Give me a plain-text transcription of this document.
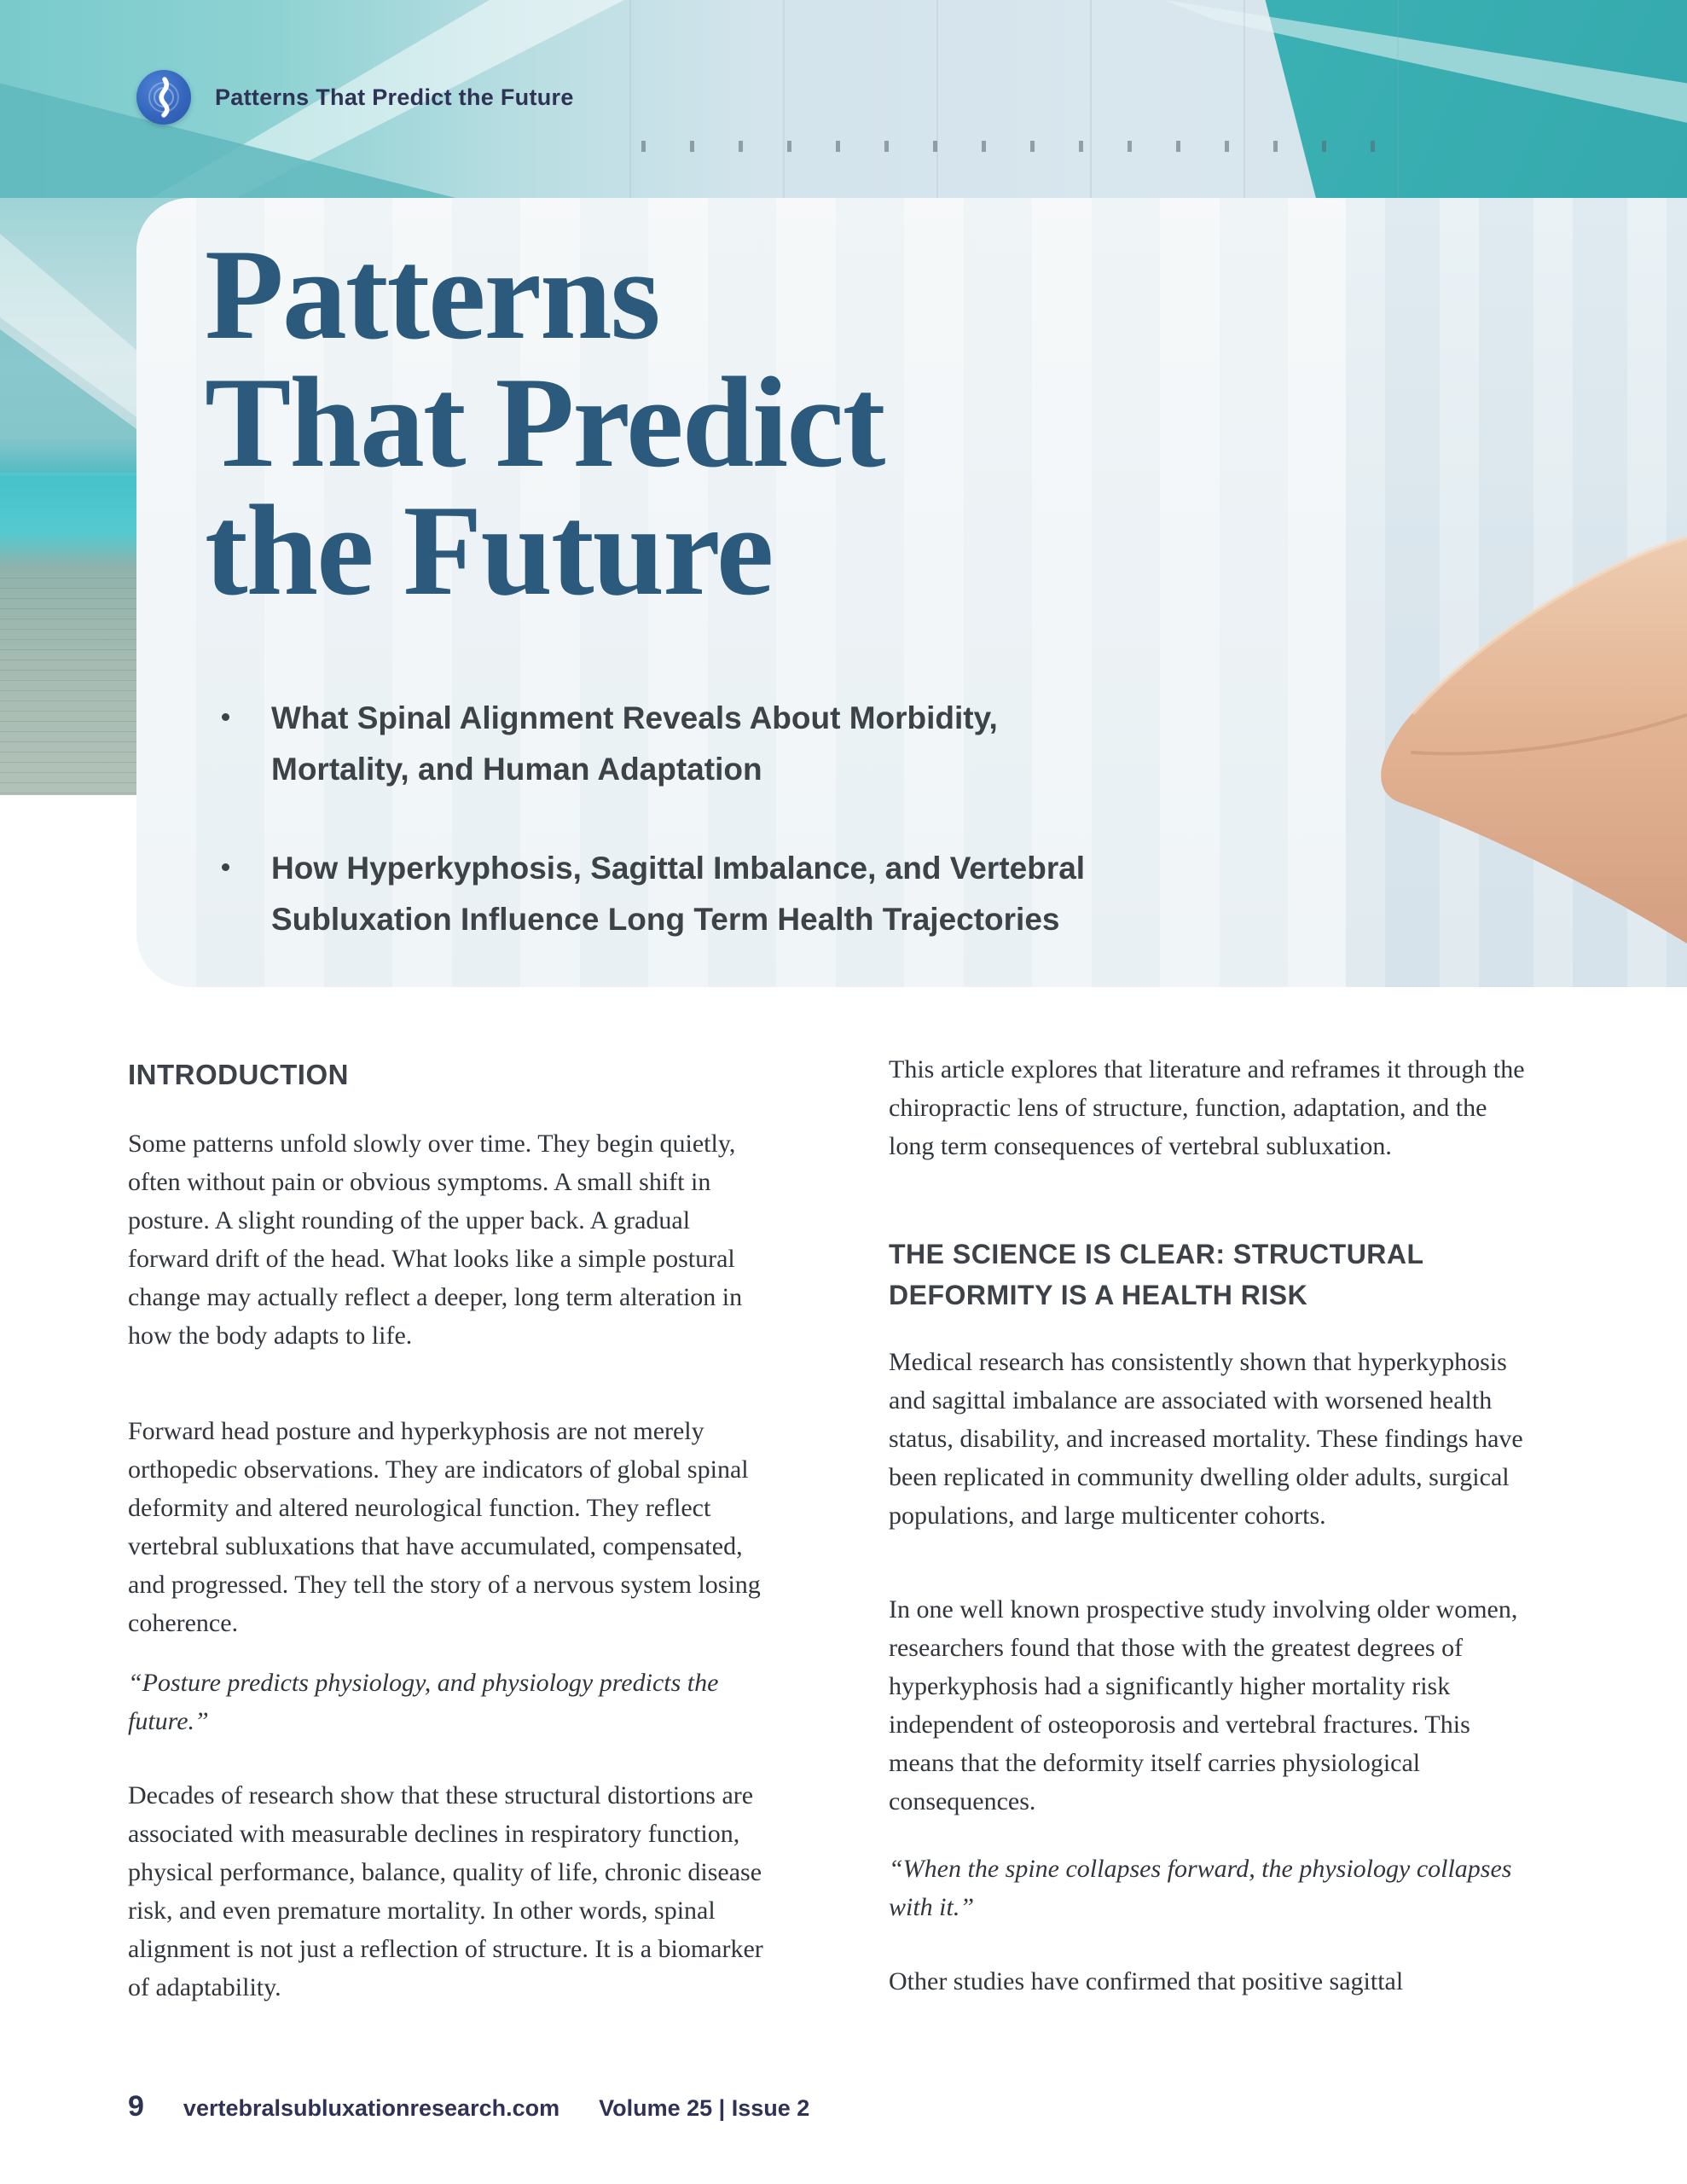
Patterns That Predict the Future
Patterns
That Predict
the Future
What Spinal Alignment Reveals About Morbidity,
Mortality, and Human Adaptation
How Hyperkyphosis, Sagittal Imbalance, and Vertebral
Subluxation Influence Long Term Health Trajectories
INTRODUCTION
Some patterns unfold slowly over time. They begin quietly, often without pain or obvious symptoms. A small shift in posture. A slight rounding of the upper back. A gradual forward drift of the head. What looks like a simple postural change may actually reflect a deeper, long term alteration in how the body adapts to life.
Forward head posture and hyperkyphosis are not merely orthopedic observations. They are indicators of global spinal deformity and altered neurological function. They reflect vertebral subluxations that have accumulated, compensated, and progressed. They tell the story of a nervous system losing coherence.
“Posture predicts physiology, and physiology predicts the future.”
Decades of research show that these structural distortions are associated with measurable declines in respiratory function, physical performance, balance, quality of life, chronic disease risk, and even premature mortality. In other words, spinal alignment is not just a reflection of structure. It is a biomarker of adaptability.
This article explores that literature and reframes it through the chiropractic lens of structure, function, adaptation, and the long term consequences of vertebral subluxation.
THE SCIENCE IS CLEAR: STRUCTURAL DEFORMITY IS A HEALTH RISK
Medical research has consistently shown that hyperkyphosis and sagittal imbalance are associated with worsened health status, disability, and increased mortality. These findings have been replicated in community dwelling older adults, surgical populations, and large multicenter cohorts.
In one well known prospective study involving older women, researchers found that those with the greatest degrees of hyperkyphosis had a significantly higher mortality risk independent of osteoporosis and vertebral fractures. This means that the deformity itself carries physiological consequences.
“When the spine collapses forward, the physiology collapses with it.”
Other studies have confirmed that positive sagittal
9 vertebralsubluxationresearch.com Volume 25 | Issue 2
